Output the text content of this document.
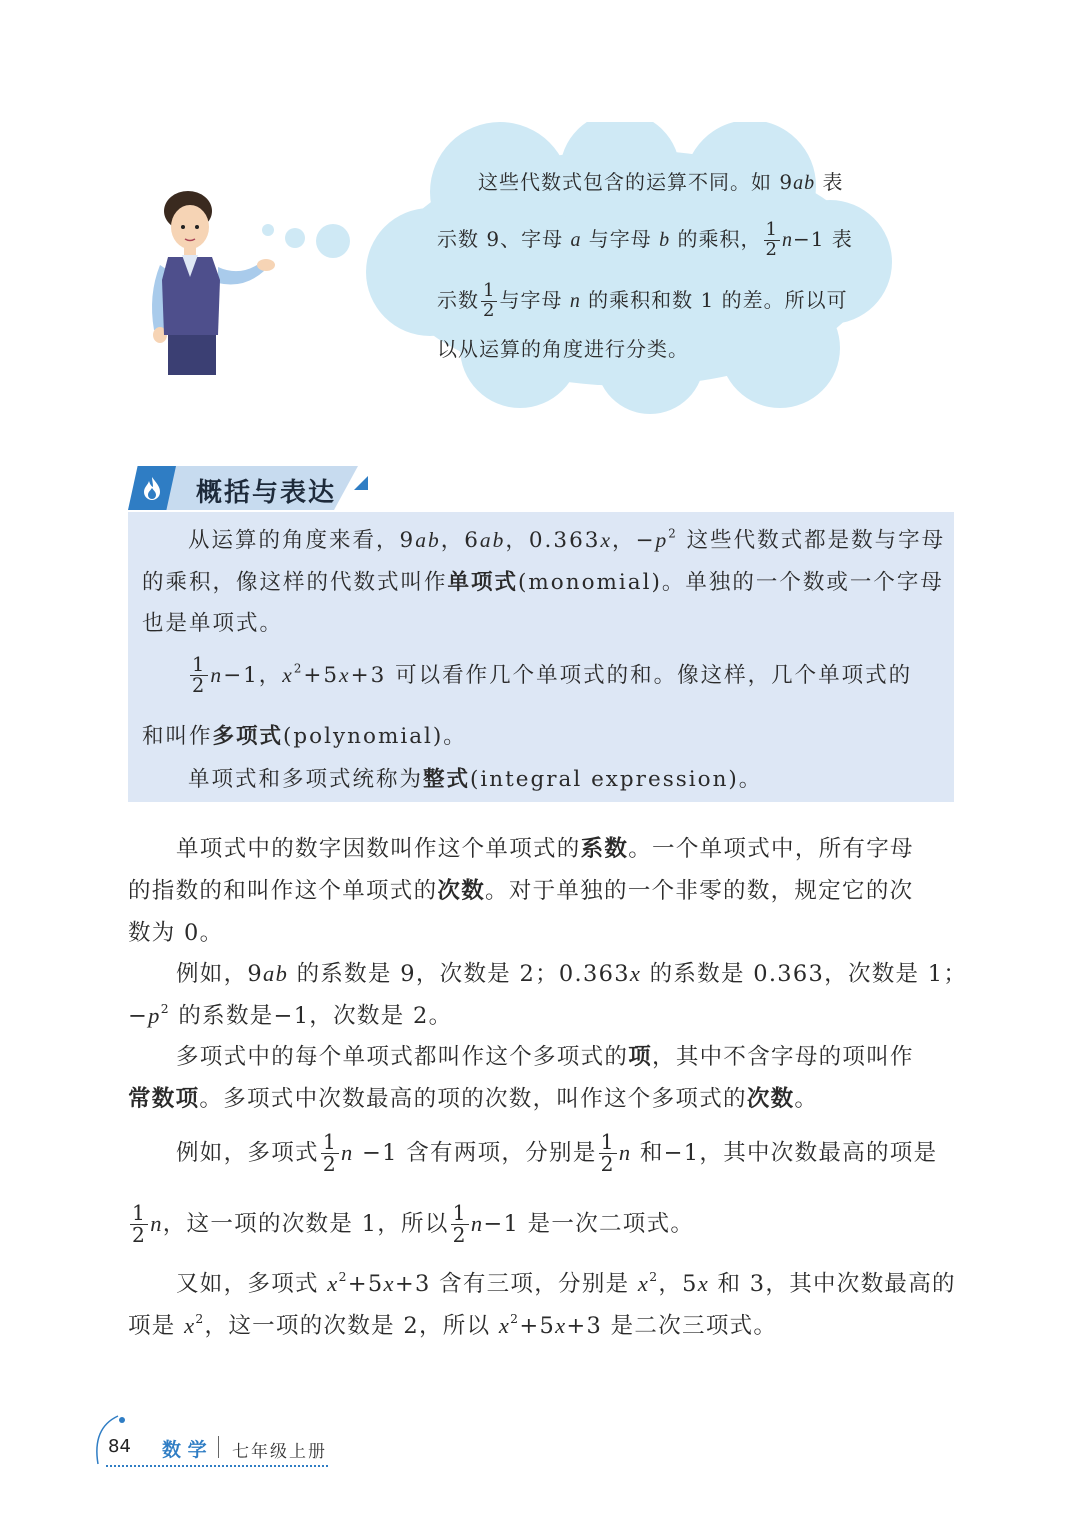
这些代数式包含的运算不同。如 9ab 表
示数 9、字母 a 与字母 b 的乘积， $\frac{1}{2} n-1$ 表
示数 $\frac{1}{2}$ 与字母 n 的乘积和数 1 的差。所以可
以从运算的角度进行分类。
概括与表达
从运算的角度来看，9ab，6ab，0.363x，$-p^2$ 这些代数式都是数与字母
的乘积，像这样的代数式叫作单项式(monomial)。单独的一个数或一个字母
也是单项式。
$\frac{1}{2} n-1$，$x^2+5x+3$ 可以看作几个单项式的和。像这样，几个单项式的
和叫作多项式(polynomial)。
单项式和多项式统称为整式(integral expression)。
单项式中的数字因数叫作这个单项式的系数。一个单项式中，所有字母
的指数的和叫作这个单项式的次数。对于单独的一个非零的数，规定它的次
数为 0。
例如，9ab 的系数是 9，次数是 2；0.363x 的系数是 0.363，次数是 1；
$-p^2$ 的系数是−1，次数是 2。
多项式中的每个单项式都叫作这个多项式的项，其中不含字母的项叫作
常数项。多项式中次数最高的项的次数，叫作这个多项式的次数。
例如，多项式 $\frac{1}{2}$ n −1 含有两项，分别是 $\frac{1}{2}$ n 和−1，其中次数最高的项是
$\frac{1}{2}$ n，这一项的次数是 1，所以 $\frac{1}{2} n-1$ 是一次二项式。
又如，多项式 $x^2+5x+3$ 含有三项，分别是 $x^2$，5x 和 3，其中次数最高的
项是 $x^2$，这一项的次数是 2，所以 $x^2+5x+3$ 是二次三项式。
84 数 学 七年级上册
